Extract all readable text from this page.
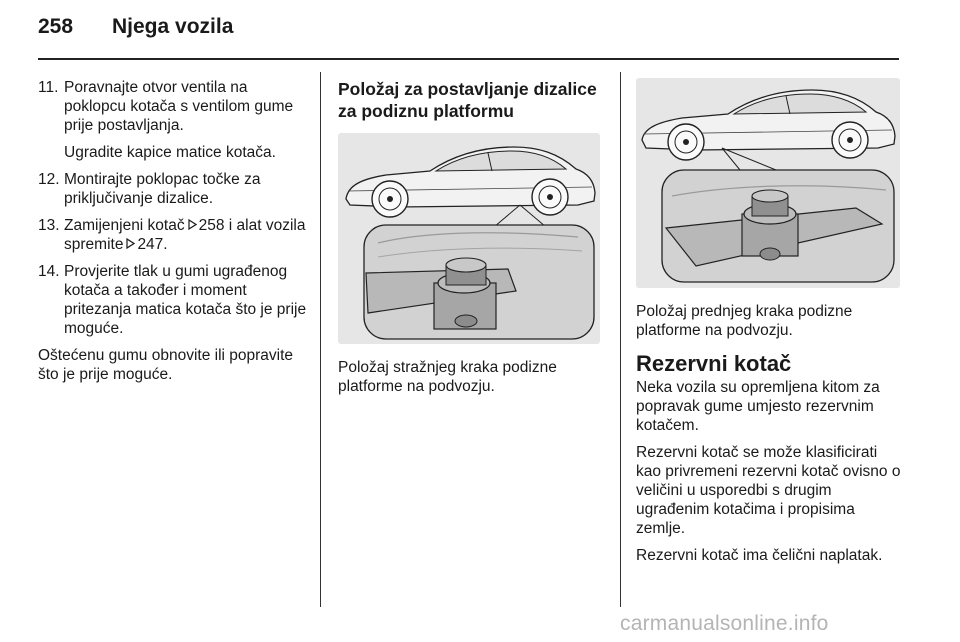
258 Njega vozila
11. Poravnajte otvor ventila na poklopcu kotača s ventilom gume prije postavljanja.
Ugradite kapice matice kotača.
12. Montirajte poklopac točke za priključivanje dizalice.
13. Zamijenjeni kotač 258 i alat vozila spremite 247.
14. Provjerite tlak u gumi ugrađenog kotača a također i moment pritezanja matica kotača što je prije moguće.

Oštećenu gumu obnovite ili popravite što je prije moguće.

Položaj za postavljanje dizalice za podiznu platformu

Položaj stražnjeg kraka podizne platforme na podvozju.

Položaj prednjeg kraka podizne platforme na podvozju.

Rezervni kotač

Neka vozila su opremljena kitom za popravak gume umjesto rezervnim kotačem.

Rezervni kotač se može klasificirati kao privremeni rezervni kotač ovisno o veličini u usporedbi s drugim ugrađenim kotačima i propisima zemlje.

Rezervni kotač ima čelični naplatak.

carmanualsonline.info
